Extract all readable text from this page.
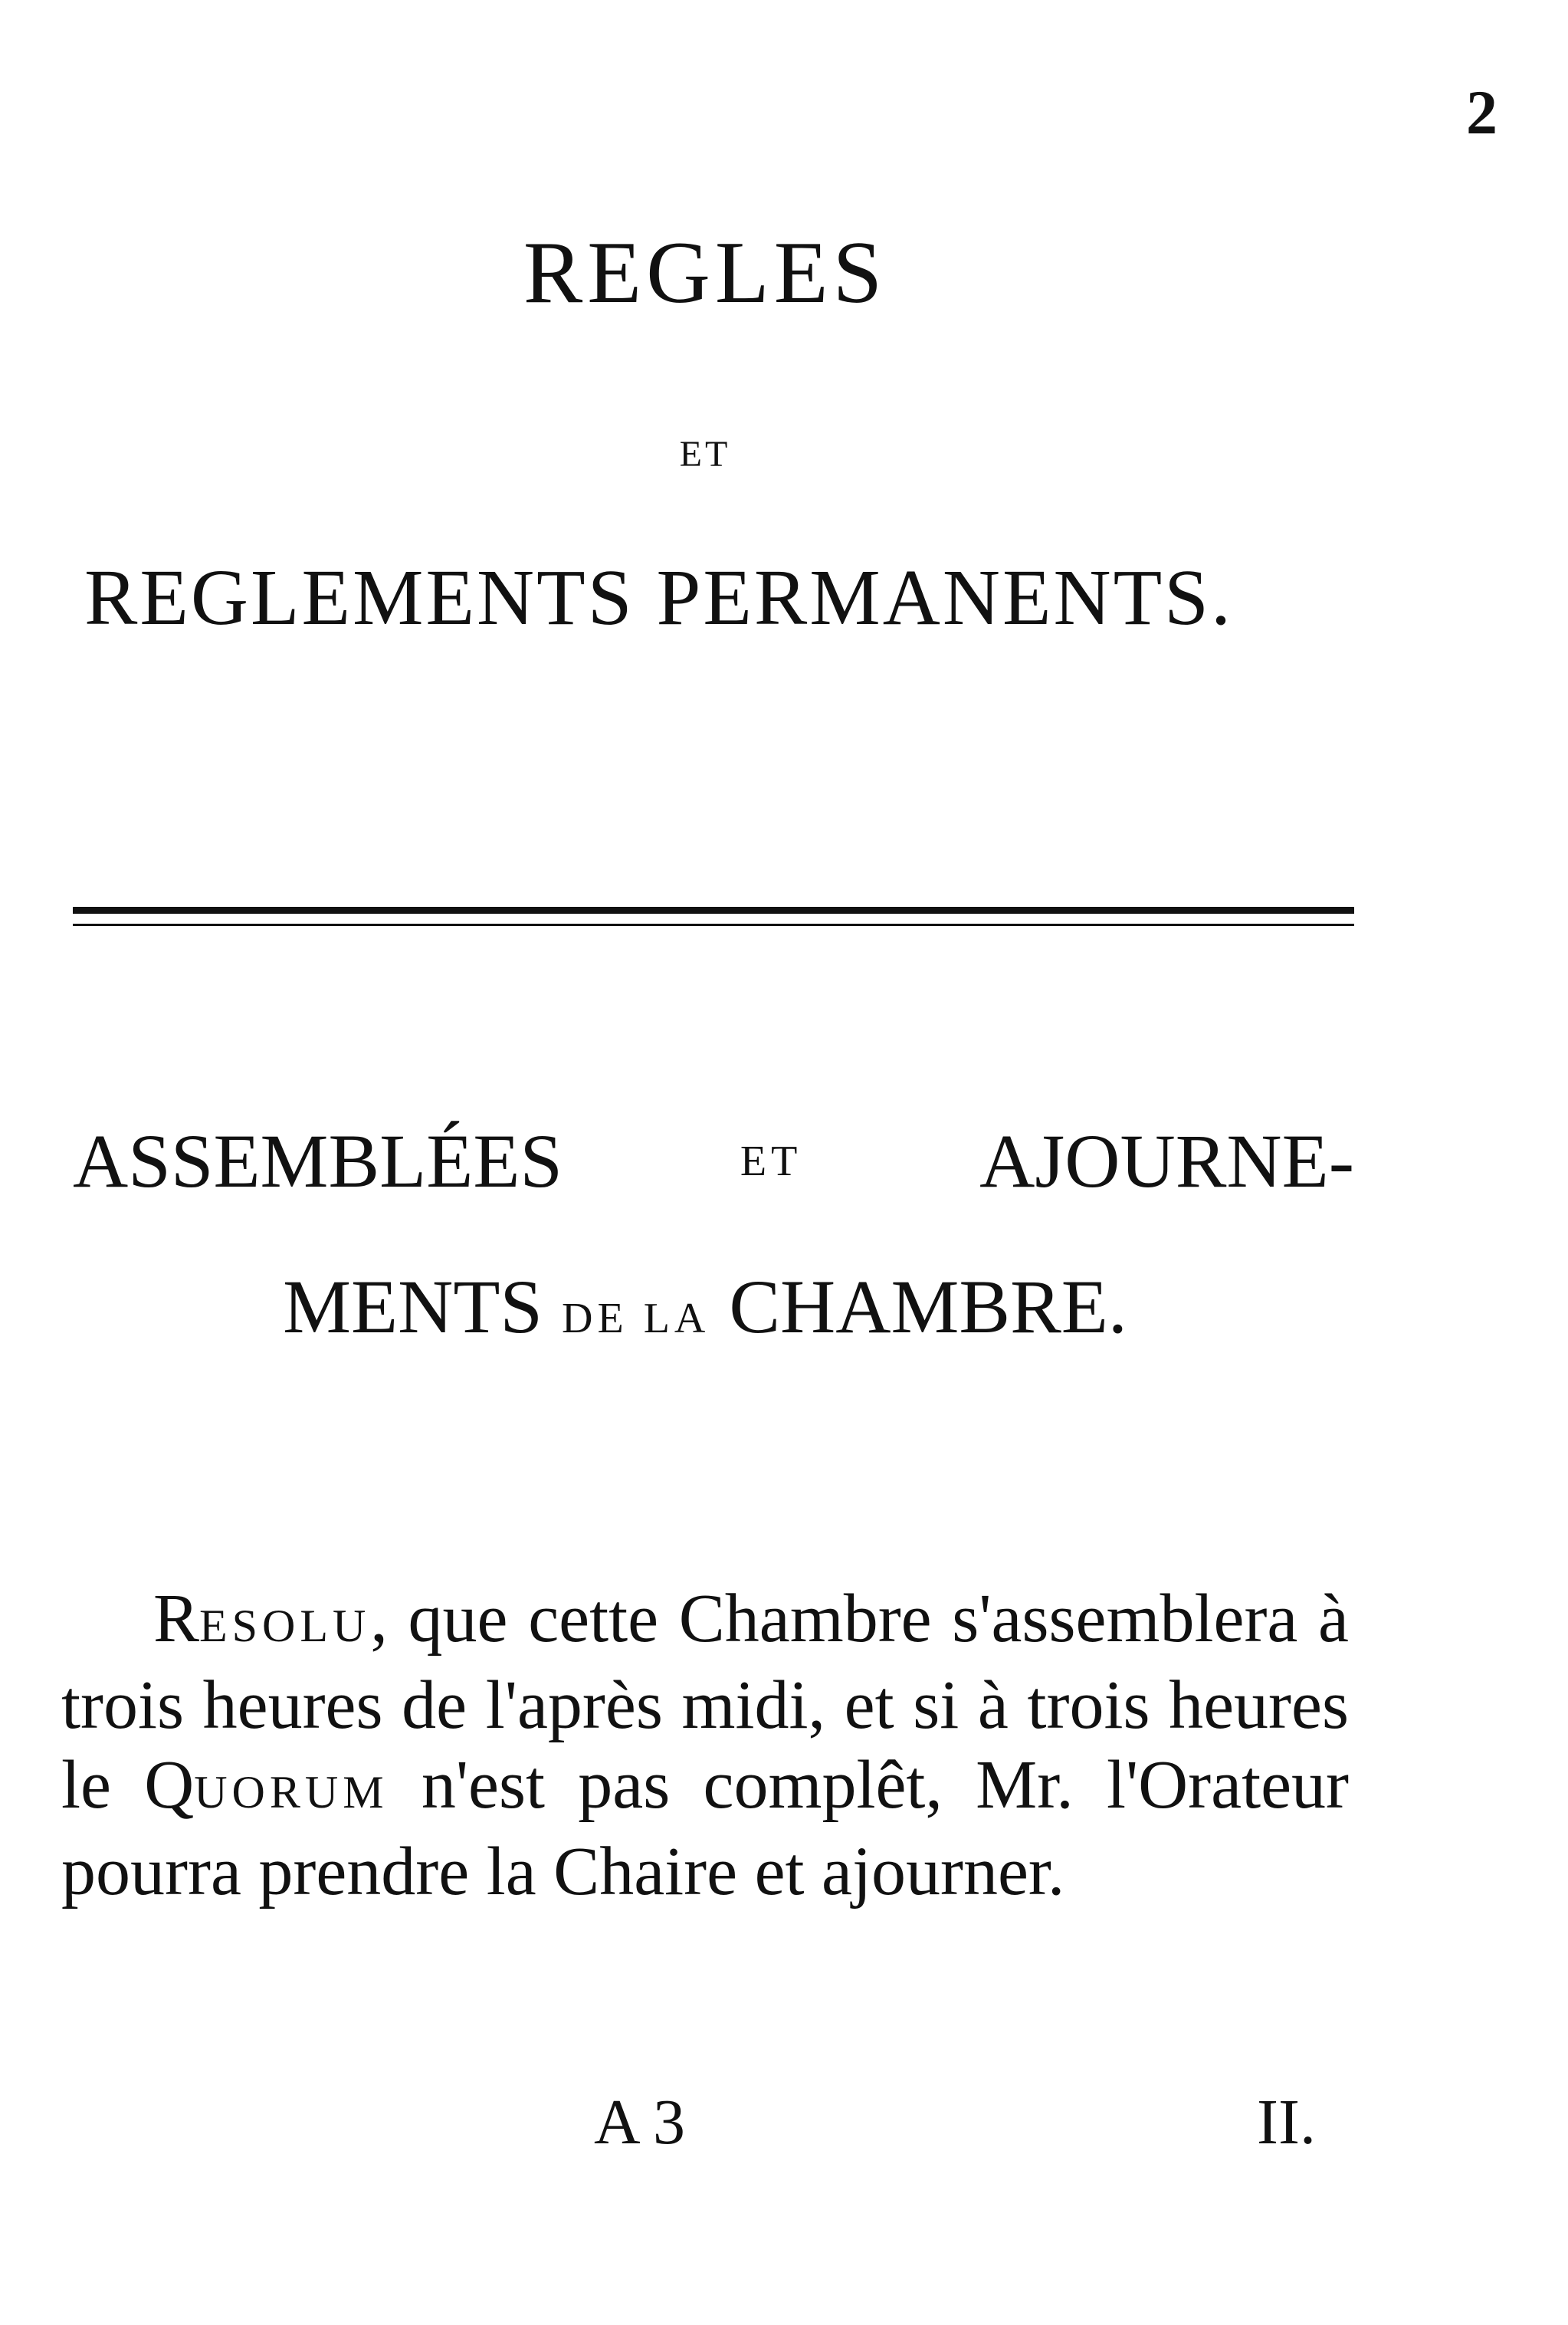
2
REGLES
ET
REGLEMENTS PERMANENTS.
ASSEMBLÉES	ET AJOURNE-
MENTS DE LA CHAMBRE.
RESOLU, que cette Chambre s'assemblera à trois heures de l'après midi, et si à trois heures le QUORUM n'est pas complêt, Mr. l'Orateur pourra prendre la Chaire et ajourner.
A 3	II.
